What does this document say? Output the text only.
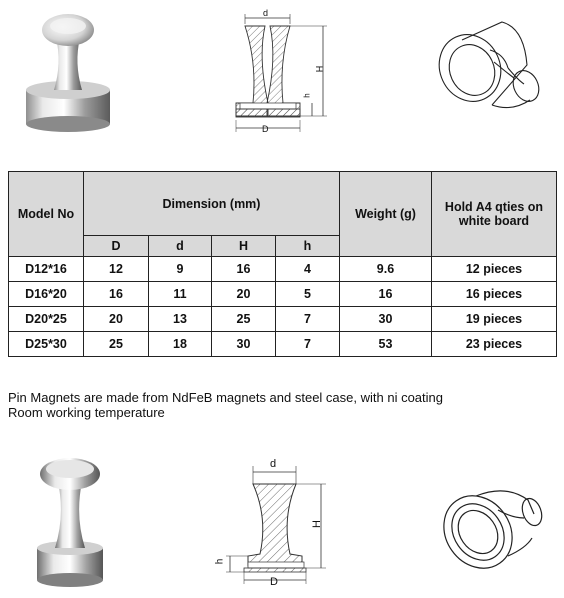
d
H
h
D
Model No	Dimension (mm)				Weight (g)	Hold A4 qties on white board
	D	d	H	h		
D12*16	12	9	16	4	9.6	12 pieces
D16*20	16	11	20	5	16	16 pieces
D20*25	20	13	25	7	30	19 pieces
D25*30	25	18	30	7	53	23 pieces
Pin Magnets are made from NdFeB magnets and steel case, with ni coating
Room working temperature
d
H
h
D
